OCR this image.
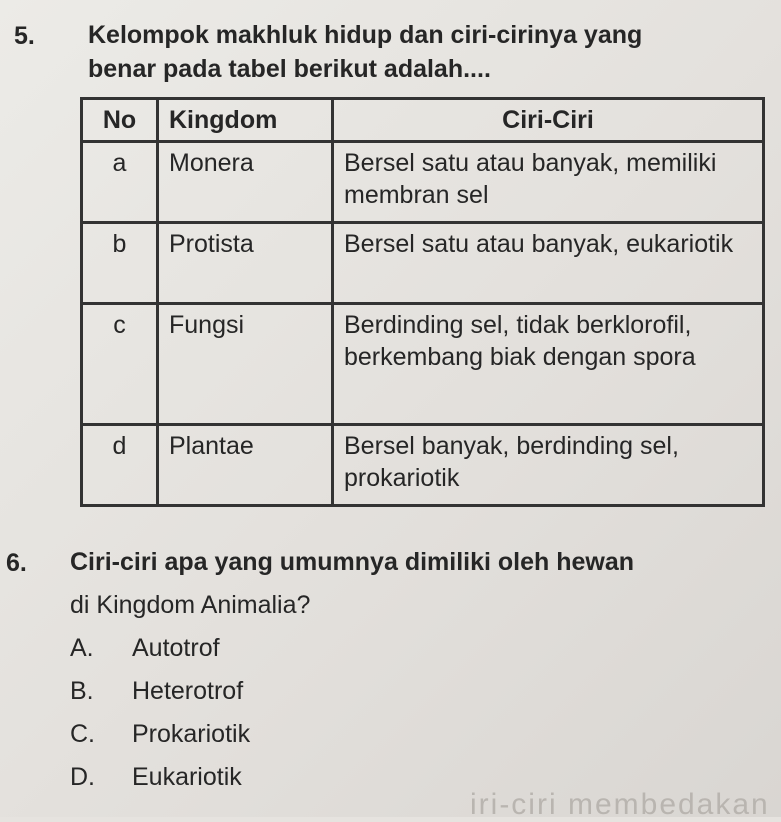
5. Kelompok makhluk hidup dan ciri-cirinya yang
benar pada tabel berikut adalah....
No	Kingdom	Ciri-Ciri
a	Monera	Bersel satu atau banyak, memiliki membran sel
b	Protista	Bersel satu atau banyak, eukariotik
c	Fungsi	Berdinding sel, tidak berklorofil, berkembang biak dengan spora
d	Plantae	Bersel banyak, berdinding sel, prokariotik
6. Ciri-ciri apa yang umumnya dimiliki oleh hewan
di Kingdom Animalia?
A. Autotrof
B. Heterotrof
C. Prokariotik
D. Eukariotik
iri-ciri membedakan
